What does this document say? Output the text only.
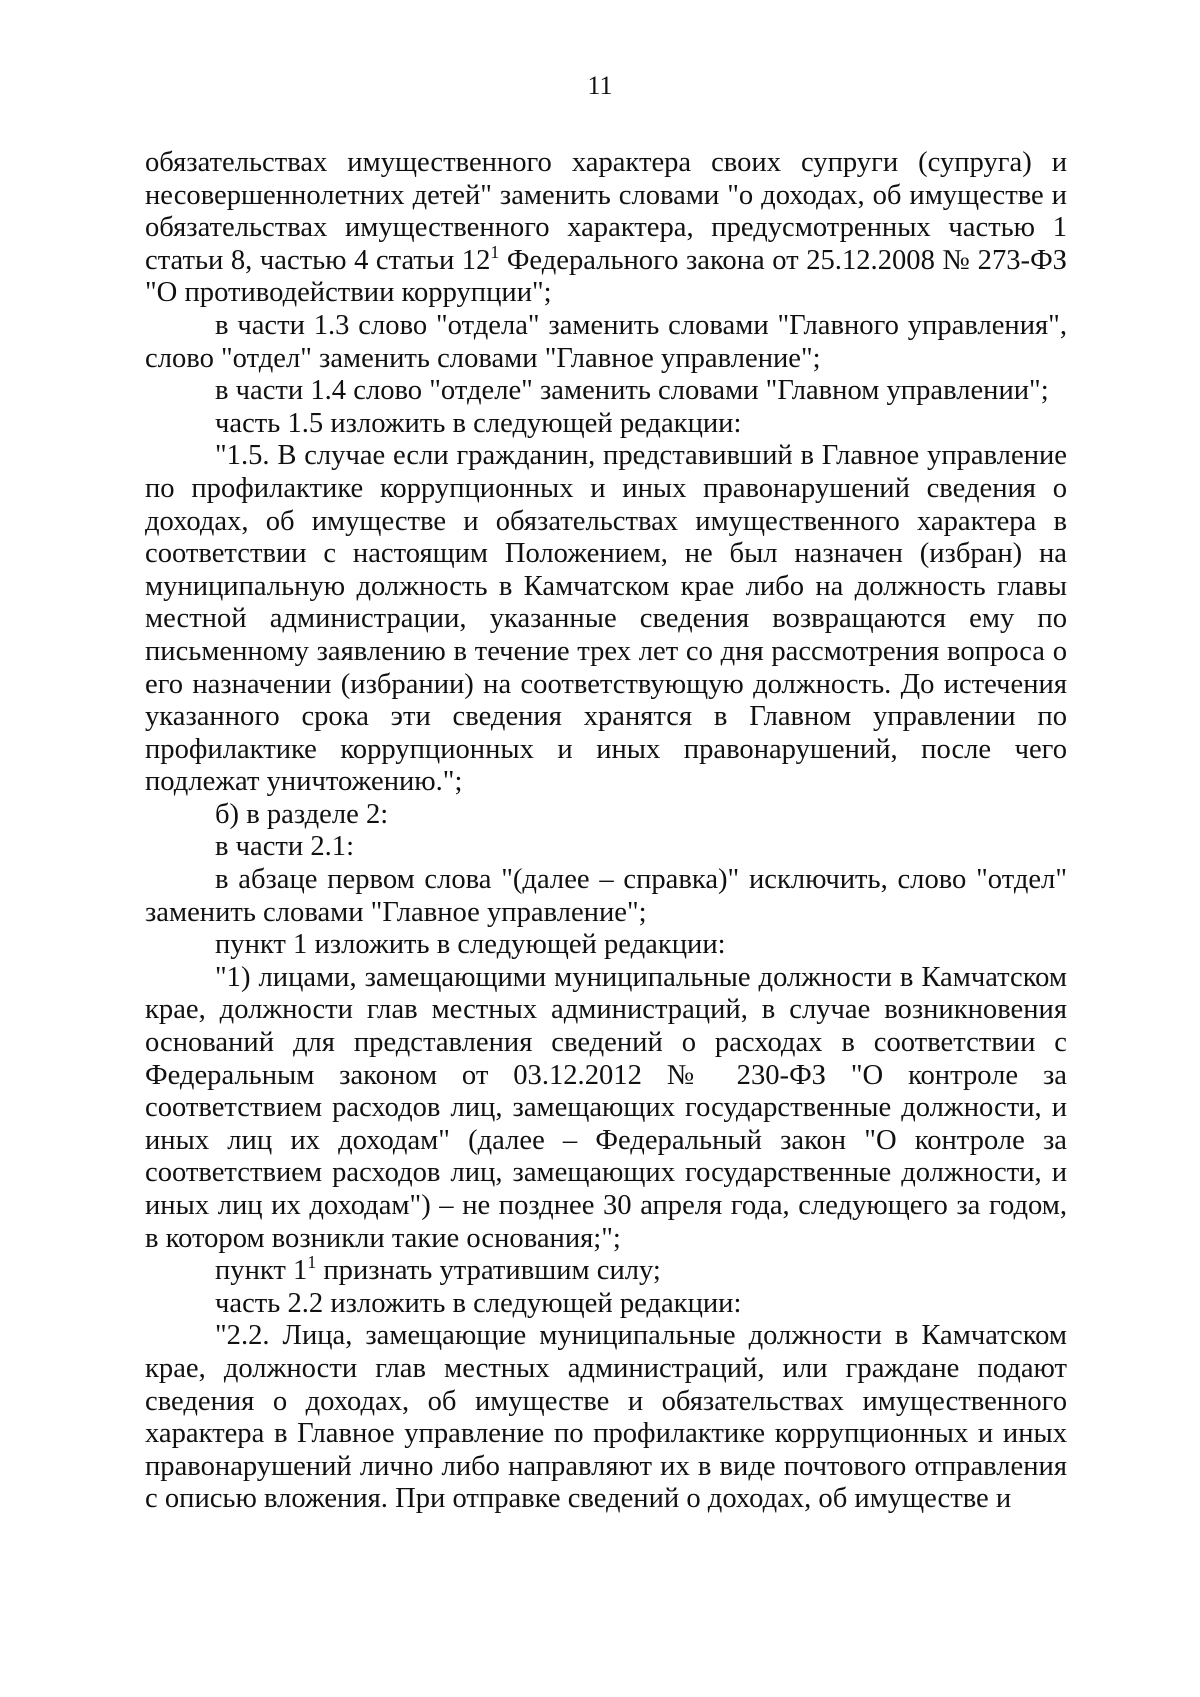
11

обязательствах имущественного характера своих супруги (супруга) и несовершеннолетних детей" заменить словами "о доходах, об имуществе и обязательствах имущественного характера, предусмотренных частью 1 статьи 8, частью 4 статьи $12^1$ Федерального закона от 25.12.2008 № 273-ФЗ "О противодействии коррупции";

в части 1.3 слово "отдела" заменить словами "Главного управления", слово "отдел" заменить словами "Главное управление";

в части 1.4 слово "отделе" заменить словами "Главном управлении";

часть 1.5 изложить в следующей редакции:

"1.5. В случае если гражданин, представивший в Главное управление по профилактике коррупционных и иных правонарушений сведения о доходах, об имуществе и обязательствах имущественного характера в соответствии с настоящим Положением, не был назначен (избран) на муниципальную должность в Камчатском крае либо на должность главы местной администрации, указанные сведения возвращаются ему по письменному заявлению в течение трех лет со дня рассмотрения вопроса о его назначении (избрании) на соответствующую должность. До истечения указанного срока эти сведения хранятся в Главном управлении по профилактике коррупционных и иных правонарушений, после чего подлежат уничтожению.";

б) в разделе 2:

в части 2.1:

в абзаце первом слова "(далее – справка)" исключить, слово "отдел" заменить словами "Главное управление";

пункт 1 изложить в следующей редакции:

"1) лицами, замещающими муниципальные должности в Камчатском крае, должности глав местных администраций, в случае возникновения оснований для представления сведений о расходах в соответствии с Федеральным законом от 03.12.2012 № 230-ФЗ "О контроле за соответствием расходов лиц, замещающих государственные должности, и иных лиц их доходам" (далее – Федеральный закон "О контроле за соответствием расходов лиц, замещающих государственные должности, и иных лиц их доходам") – не позднее 30 апреля года, следующего за годом, в котором возникли такие основания;";

пункт $1^1$ признать утратившим силу;

часть 2.2 изложить в следующей редакции:

"2.2. Лица, замещающие муниципальные должности в Камчатском крае, должности глав местных администраций, или граждане подают сведения о доходах, об имуществе и обязательствах имущественного характера в Главное управление по профилактике коррупционных и иных правонарушений лично либо направляют их в виде почтового отправления с описью вложения. При отправке сведений о доходах, об имуществе и
